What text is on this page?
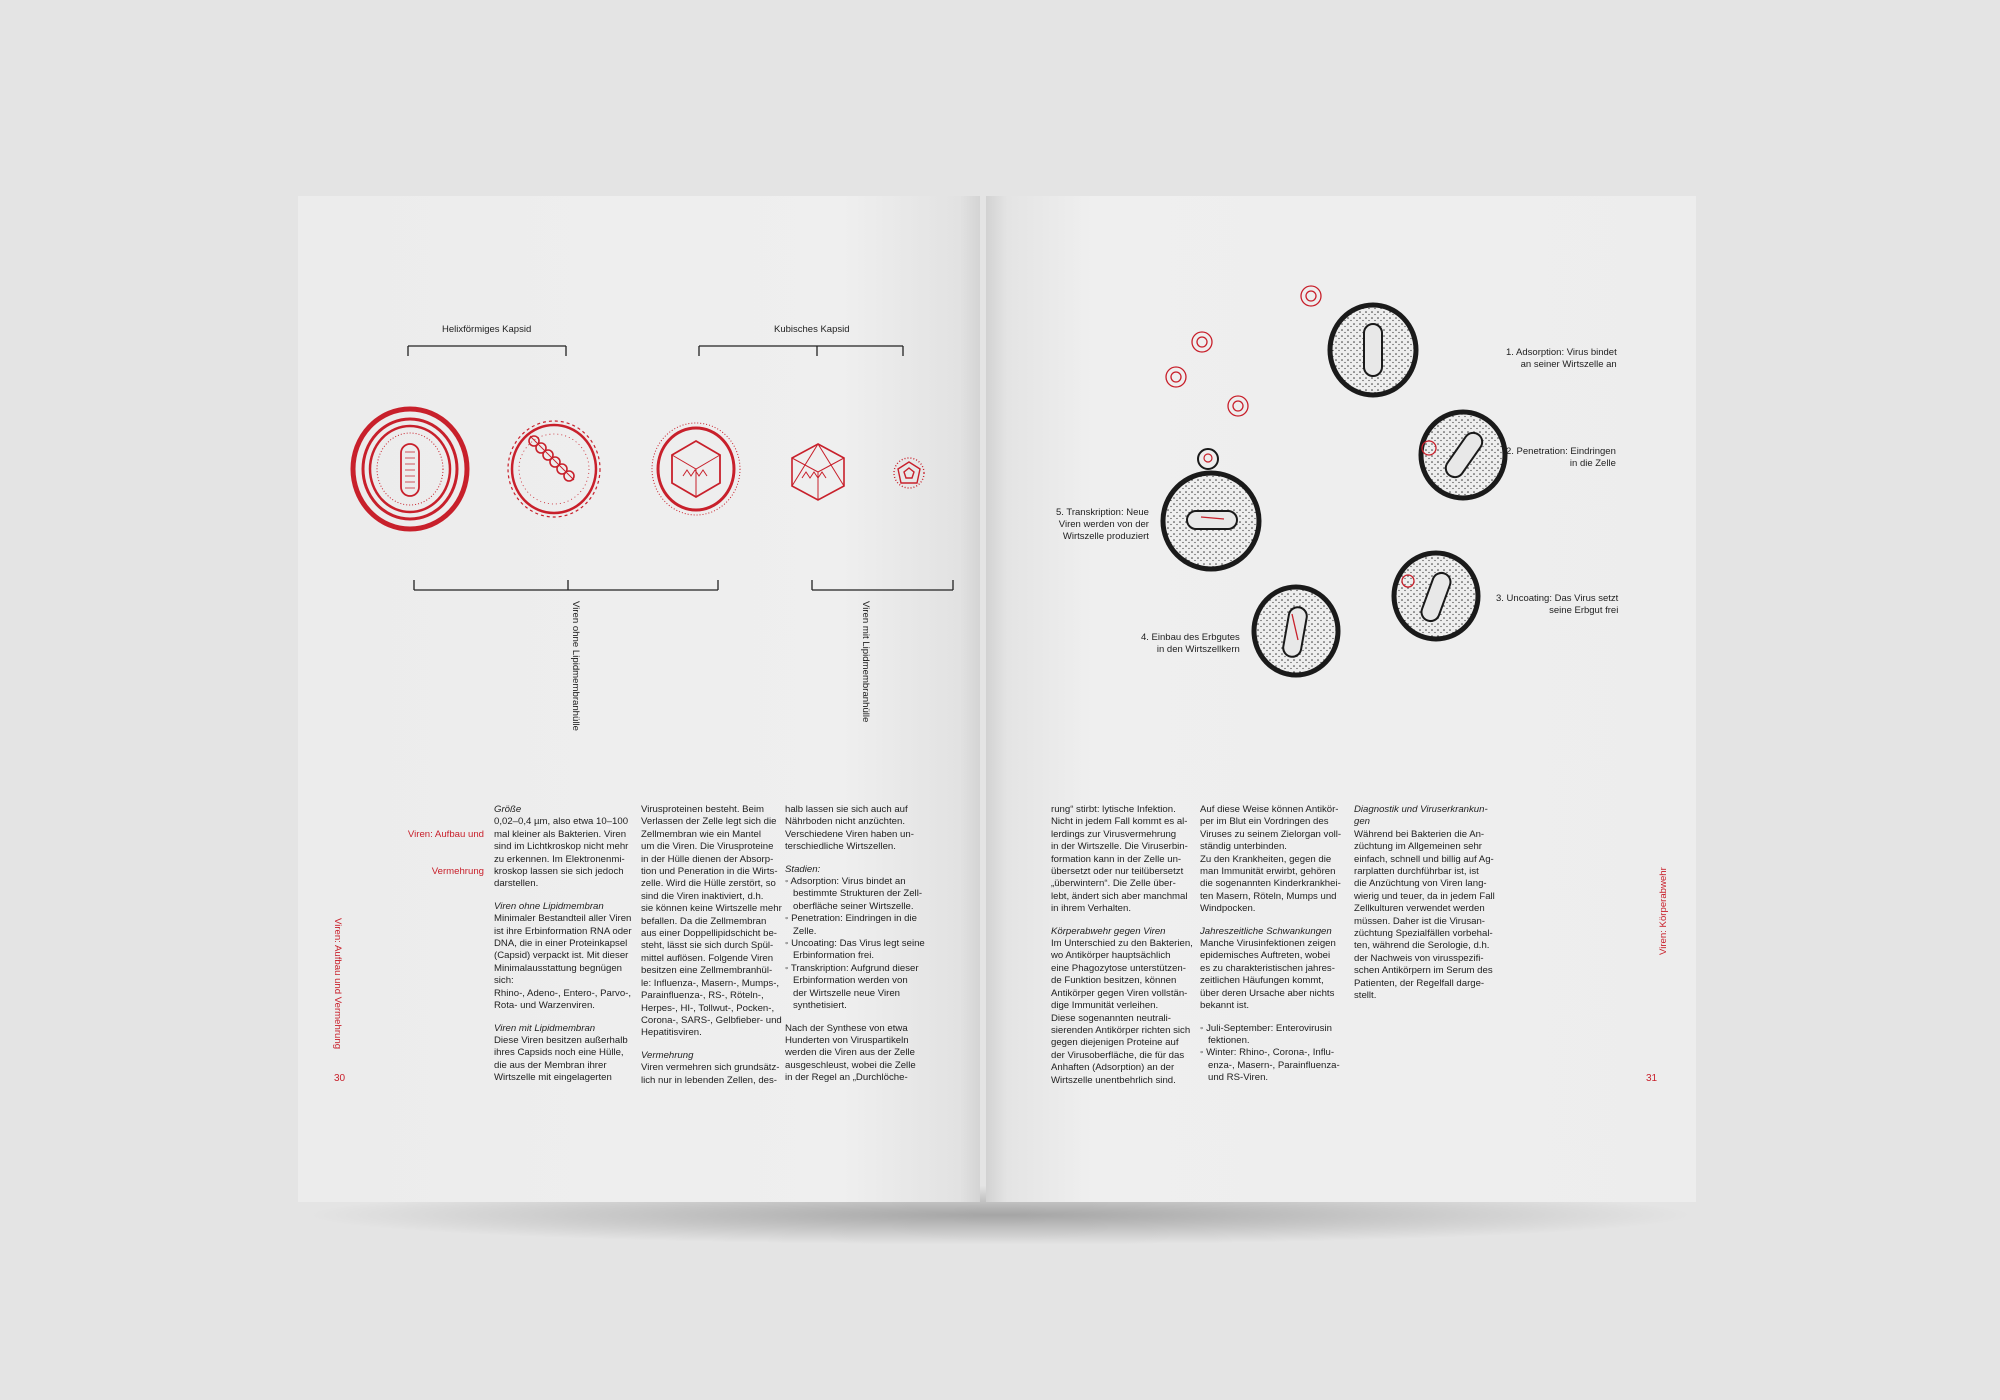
Helixförmiges Kapsid	Kubisches Kapsid
Viren ohne Lipidmembranhülle	Viren mit Lipidmembranhülle

Viren: Aufbau und

Vermehrung

Viren: Aufbau und Vermehrung
30

Größe

0,02–0,4 µm, also etwa 10–100

mal kleiner als Bakterien. Viren

sind im Lichtkroskop nicht mehr

zu erkennen. Im Elektronenmi-

kroskop lassen sie sich jedoch

darstellen.

Viren ohne Lipidmembran

Minimaler Bestandteil aller Viren

ist ihre Erbinformation RNA oder

DNA, die in einer Proteinkapsel

(Capsid) verpackt ist. Mit dieser

Minimalausstattung begnügen

sich:

Rhino-, Adeno-, Entero-, Parvo-,

Rota- und Warzenviren.

Viren mit Lipidmembran

Diese Viren besitzen außerhalb

ihres Capsids noch eine Hülle,

die aus der Membran ihrer

Wirtszelle mit eingelagerten

Virusproteinen besteht. Beim

Verlassen der Zelle legt sich die

Zellmembran wie ein Mantel

um die Viren. Die Virusproteine

in der Hülle dienen der Absorp-

tion und Peneration in die Wirts-

zelle. Wird die Hülle zerstört, so

sind die Viren inaktiviert, d.h.

sie können keine Wirtszelle mehr

befallen. Da die Zellmembran

aus einer Doppellipidschicht be-

steht, lässt sie sich durch Spül-

mittel auflösen. Folgende Viren

besitzen eine Zellmembranhül-

le: Influenza-, Masern-, Mumps-,

Parainfluenza-, RS-, Röteln-,

Herpes-, HI-, Tollwut-, Pocken-,

Corona-, SARS-, Gelbfieber- und

Hepatitisviren.

Vermehrung

Viren vermehren sich grundsätz-

lich nur in lebenden Zellen, des-

halb lassen sie sich auch auf

Nährboden nicht anzüchten.

Verschiedene Viren haben un-

terschiedliche Wirtszellen.

Stadien:

◦ Adsorption: Virus bindet an

bestimmte Strukturen der Zell-

oberfläche seiner Wirtszelle.

◦ Penetration: Eindringen in die

Zelle.

◦ Uncoating: Das Virus legt seine

Erbinformation frei.

◦ Transkription: Aufgrund dieser

Erbinformation werden von

der Wirtszelle neue Viren

synthetisiert.

Nach der Synthese von etwa

Hunderten von Viruspartikeln

werden die Viren aus der Zelle

ausgeschleust, wobei die Zelle

in der Regel an „Durchlöche-

1. Adsorption: Virus bindet
an seiner Wirtszelle an
2. Penetration: Eindringen
in die Zelle
3. Uncoating: Das Virus setzt
seine Erbgut frei
4. Einbau des Erbgutes
in den Wirtszellkern
5. Transkription: Neue
Viren werden von der
Wirtszelle produziert
Viren: Körperabwehr
31

rung“ stirbt: lytische Infektion.

Nicht in jedem Fall kommt es al-

lerdings zur Virusvermehrung

in der Wirtszelle. Die Viruserbin-

formation kann in der Zelle un-

übersetzt oder nur teilübersetzt

„überwintern“. Die Zelle über-

lebt, ändert sich aber manchmal

in ihrem Verhalten.

Körperabwehr gegen Viren

Im Unterschied zu den Bakterien,

wo Antikörper hauptsächlich

eine Phagozytose unterstützen-

de Funktion besitzen, können

Antikörper gegen Viren vollstän-

dige Immunität verleihen.

Diese sogenannten neutrali-

sierenden Antikörper richten sich

gegen diejenigen Proteine auf

der Virusoberfläche, die für das

Anhaften (Adsorption) an der

Wirtszelle unentbehrlich sind.

Auf diese Weise können Antikör-

per im Blut ein Vordringen des

Viruses zu seinem Zielorgan voll-

ständig unterbinden.

Zu den Krankheiten, gegen die

man Immunität erwirbt, gehören

die sogenannten Kinderkrankhei-

ten Masern, Röteln, Mumps und

Windpocken.

Jahreszeitliche Schwankungen

Manche Virusinfektionen zeigen

epidemisches Auftreten, wobei

es zu charakteristischen jahres-

zeitlichen Häufungen kommt,

über deren Ursache aber nichts

bekannt ist.

◦ Juli-September: Enterovirusin

fektionen.

◦ Winter: Rhino-, Corona-, Influ-

enza-, Masern-, Parainfluenza-

und RS-Viren.

Diagnostik und Viruserkrankun-

gen

Während bei Bakterien die An-

züchtung im Allgemeinen sehr

einfach, schnell und billig auf Ag-

rarplatten durchführbar ist, ist

die Anzüchtung von Viren lang-

wierig und teuer, da in jedem Fall

Zellkulturen verwendet werden

müssen. Daher ist die Virusan-

züchtung Spezialfällen vorbehal-

ten, während die Serologie, d.h.

der Nachweis von virusspezifi-

schen Antikörpern im Serum des

Patienten, der Regelfall darge-

stellt.
